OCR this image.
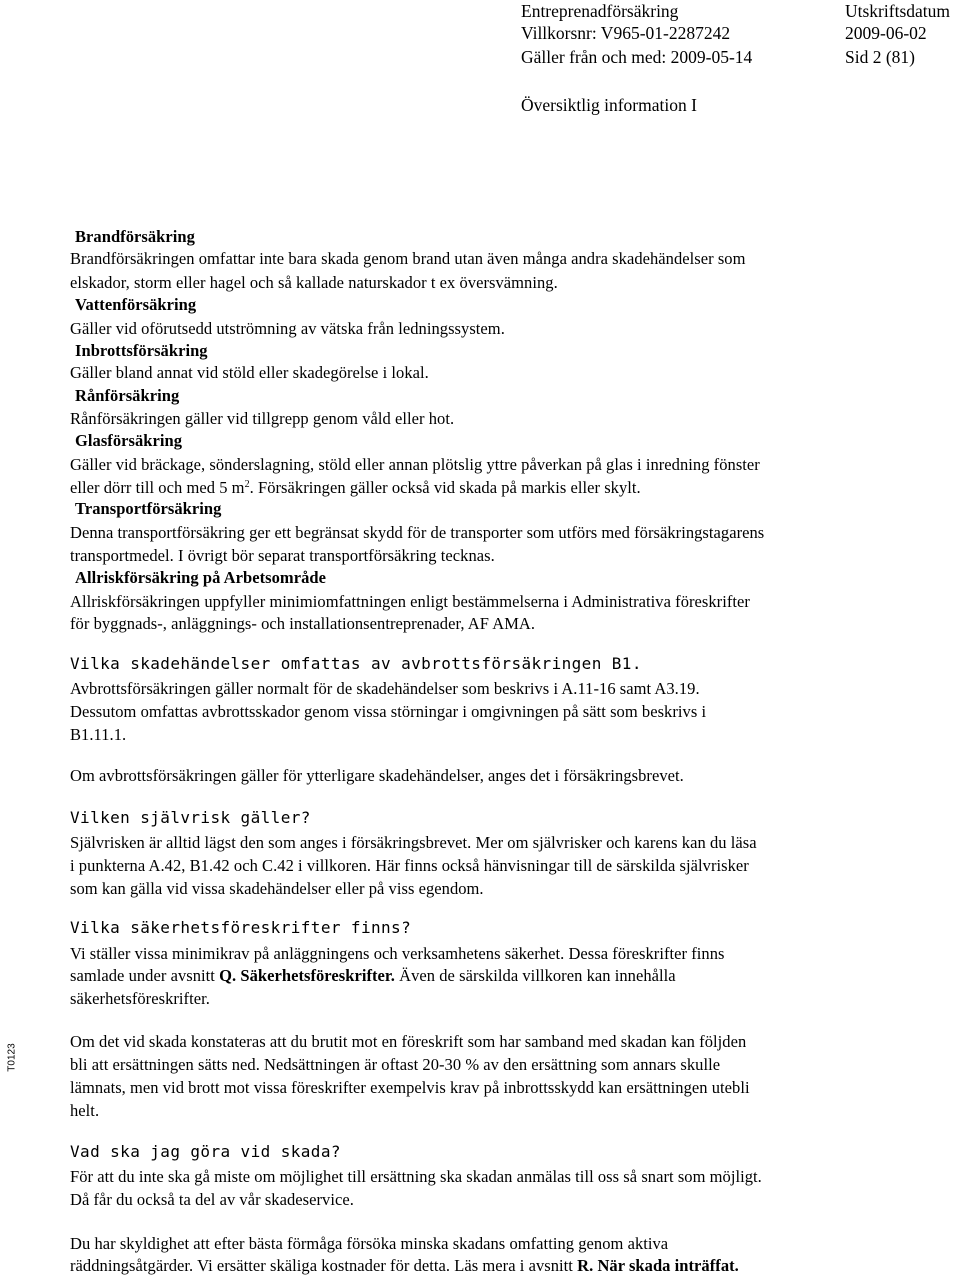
Entreprenadförsäkring
Villkorsnr: V965-01-2287242
Gäller från och med: 2009-05-14
Utskriftsdatum
2009-06-02
Sid 2 (81)
Översiktlig information I
T0123
Brandförsäkring
Brandförsäkringen omfattar inte bara skada genom brand utan även många andra skadehändelser som
elskador, storm eller hagel och så kallade naturskador t ex översvämning.
Vattenförsäkring
Gäller vid oförutsedd utströmning av vätska från ledningssystem.
Inbrottsförsäkring
Gäller bland annat vid stöld eller skadegörelse i lokal.
Rånförsäkring
Rånförsäkringen gäller vid tillgrepp genom våld eller hot.
Glasförsäkring
Gäller vid bräckage, sönderslagning, stöld eller annan plötslig yttre påverkan på glas i inredning fönster
eller dörr till och med 5 $m^2$. Försäkringen gäller också vid skada på markis eller skylt.
Transportförsäkring
Denna transportförsäkring ger ett begränsat skydd för de transporter som utförs med försäkringstagarens
transportmedel. I övrigt bör separat transportförsäkring tecknas.
Allriskförsäkring på Arbetsområde
Allriskförsäkringen uppfyller minimiomfattningen enligt bestämmelserna i Administrativa föreskrifter
för byggnads-, anläggnings- och installationsentreprenader, AF AMA.
Vilka skadehändelser omfattas av avbrottsförsäkringen B1.
Avbrottsförsäkringen gäller normalt för de skadehändelser som beskrivs i A.11-16 samt A3.19.
Dessutom omfattas avbrottsskador genom vissa störningar i omgivningen på sätt som beskrivs i
B1.11.1.
Om avbrottsförsäkringen gäller för ytterligare skadehändelser, anges det i försäkringsbrevet.
Vilken självrisk gäller?
Självrisken är alltid lägst den som anges i försäkringsbrevet. Mer om självrisker och karens kan du läsa
i punkterna A.42, B1.42 och C.42 i villkoren. Här finns också hänvisningar till de särskilda självrisker
som kan gälla vid vissa skadehändelser eller på viss egendom.
Vilka säkerhetsföreskrifter finns?
Vi ställer vissa minimikrav på anläggningens och verksamhetens säkerhet. Dessa föreskrifter finns
samlade under avsnitt Q. Säkerhetsföreskrifter. Även de särskilda villkoren kan innehålla
säkerhetsföreskrifter.
Om det vid skada konstateras att du brutit mot en föreskrift som har samband med skadan kan följden
bli att ersättningen sätts ned. Nedsättningen är oftast 20-30 % av den ersättning som annars skulle
lämnats, men vid brott mot vissa föreskrifter exempelvis krav på inbrottsskydd kan ersättningen utebli
helt.
Vad ska jag göra vid skada?
För att du inte ska gå miste om möjlighet till ersättning ska skadan anmälas till oss så snart som möjligt.
Då får du också ta del av vår skadeservice.
Du har skyldighet att efter bästa förmåga försöka minska skadans omfatting genom aktiva
räddningsåtgärder. Vi ersätter skäliga kostnader för detta. Läs mera i avsnitt R. När skada inträffat.
